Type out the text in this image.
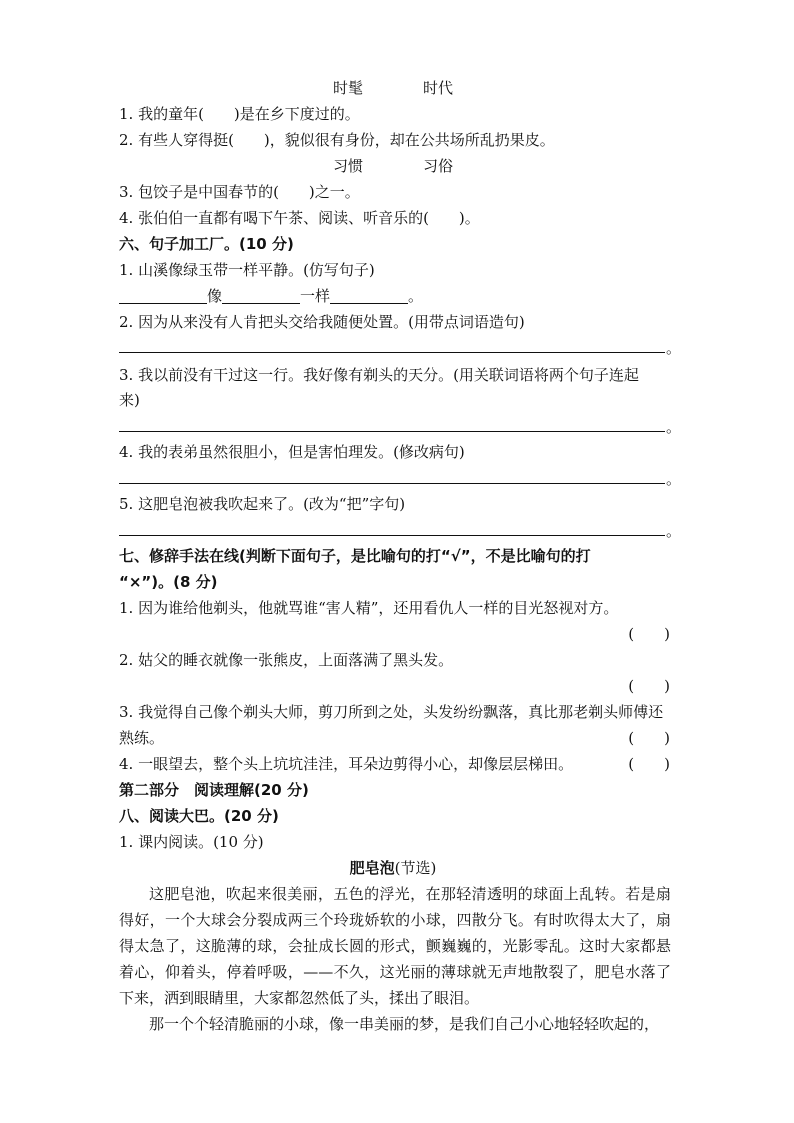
时髦	时代
1. 我的童年(　　)是在乡下度过的。
2. 有些人穿得挺(　　)，貌似很有身份，却在公共场所乱扔果皮。
习惯	习俗
3. 包饺子是中国春节的(　　)之一。
4. 张伯伯一直都有喝下午茶、阅读、听音乐的(　　)。
六、句子加工厂。(10 分)
1. 山溪像绿玉带一样平静。(仿写句子)
像	一样	。
2. 因为从来没有人肯把头交给我随便处置。(用带点词语造句)
。
3. 我以前没有干过这一行。我好像有剃头的天分。(用关联词语将两个句子连起
来)
。
4. 我的表弟虽然很胆小，但是害怕理发。(修改病句)
。
5. 这肥皂泡被我吹起来了。(改为“把”字句)
。
七、修辞手法在线(判断下面句子，是比喻句的打“√”，不是比喻句的打
“×”)。(8 分)
1. 因为谁给他剃头，他就骂谁“害人精”，还用看仇人一样的目光怒视对方。
(　　)
2. 姑父的睡衣就像一张熊皮，上面落满了黑头发。
(　　)
3. 我觉得自己像个剃头大师，剪刀所到之处，头发纷纷飘落，真比那老剃头师傅还
熟练。	(　　)
4. 一眼望去，整个头上坑坑洼洼，耳朵边剪得小心，却像层层梯田。	(　　)
第二部分　阅读理解(20 分)
八、阅读大巴。(20 分)
1. 课内阅读。(10 分)
肥皂泡(节选)
这肥皂池，吹起来很美丽，五色的浮光，在那轻清透明的球面上乱转。若是扇得好，一个大球会分裂成两三个玲珑娇软的小球，四散分飞。有时吹得太大了，扇得太急了，这脆薄的球，会扯成长圆的形式，颤巍巍的，光影零乱。这时大家都悬着心，仰着头，停着呼吸，——不久，这光丽的薄球就无声地散裂了，肥皂水落了下来，洒到眼睛里，大家都忽然低了头，揉出了眼泪。
那一个个轻清脆丽的小球，像一串美丽的梦，是我们自己小心地轻轻吹起的，
